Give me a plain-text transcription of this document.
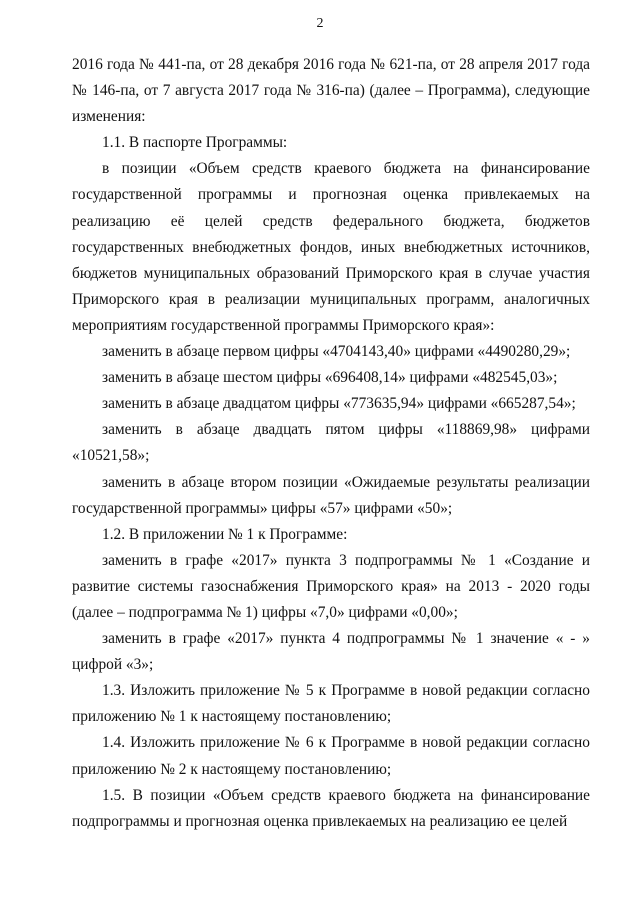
2

2016 года № 441-па, от 28 декабря 2016 года № 621-па, от 28 апреля 2017 года № 146-па, от 7 августа 2017 года № 316-па) (далее – Программа), следующие изменения:

1.1. В паспорте Программы:

в позиции «Объем средств краевого бюджета на финансирование государственной программы и прогнозная оценка привлекаемых на реализацию её целей средств федерального бюджета, бюджетов государственных внебюджетных фондов, иных внебюджетных источников, бюджетов муниципальных образований Приморского края в случае участия Приморского края в реализации муниципальных программ, аналогичных мероприятиям государственной программы Приморского края»:

заменить в абзаце первом цифры «4704143,40» цифрами «4490280,29»;

заменить в абзаце шестом цифры «696408,14» цифрами «482545,03»;

заменить в абзаце двадцатом цифры «773635,94» цифрами «665287,54»;

заменить в абзаце двадцать пятом цифры «118869,98» цифрами «10521,58»;

заменить в абзаце втором позиции «Ожидаемые результаты реализации государственной программы» цифры «57» цифрами «50»;

1.2. В приложении № 1 к Программе:

заменить в графе «2017» пункта 3 подпрограммы № 1 «Создание и развитие системы газоснабжения Приморского края» на 2013 - 2020 годы (далее – подпрограмма № 1) цифры «7,0» цифрами «0,00»;

заменить в графе «2017» пункта 4 подпрограммы № 1 значение « - » цифрой «3»;

1.3. Изложить приложение № 5 к Программе в новой редакции согласно приложению № 1 к настоящему постановлению;

1.4. Изложить приложение № 6 к Программе в новой редакции согласно приложению № 2 к настоящему постановлению;

1.5. В позиции «Объем средств краевого бюджета на финансирование подпрограммы и прогнозная оценка привлекаемых на реализацию ее целей
